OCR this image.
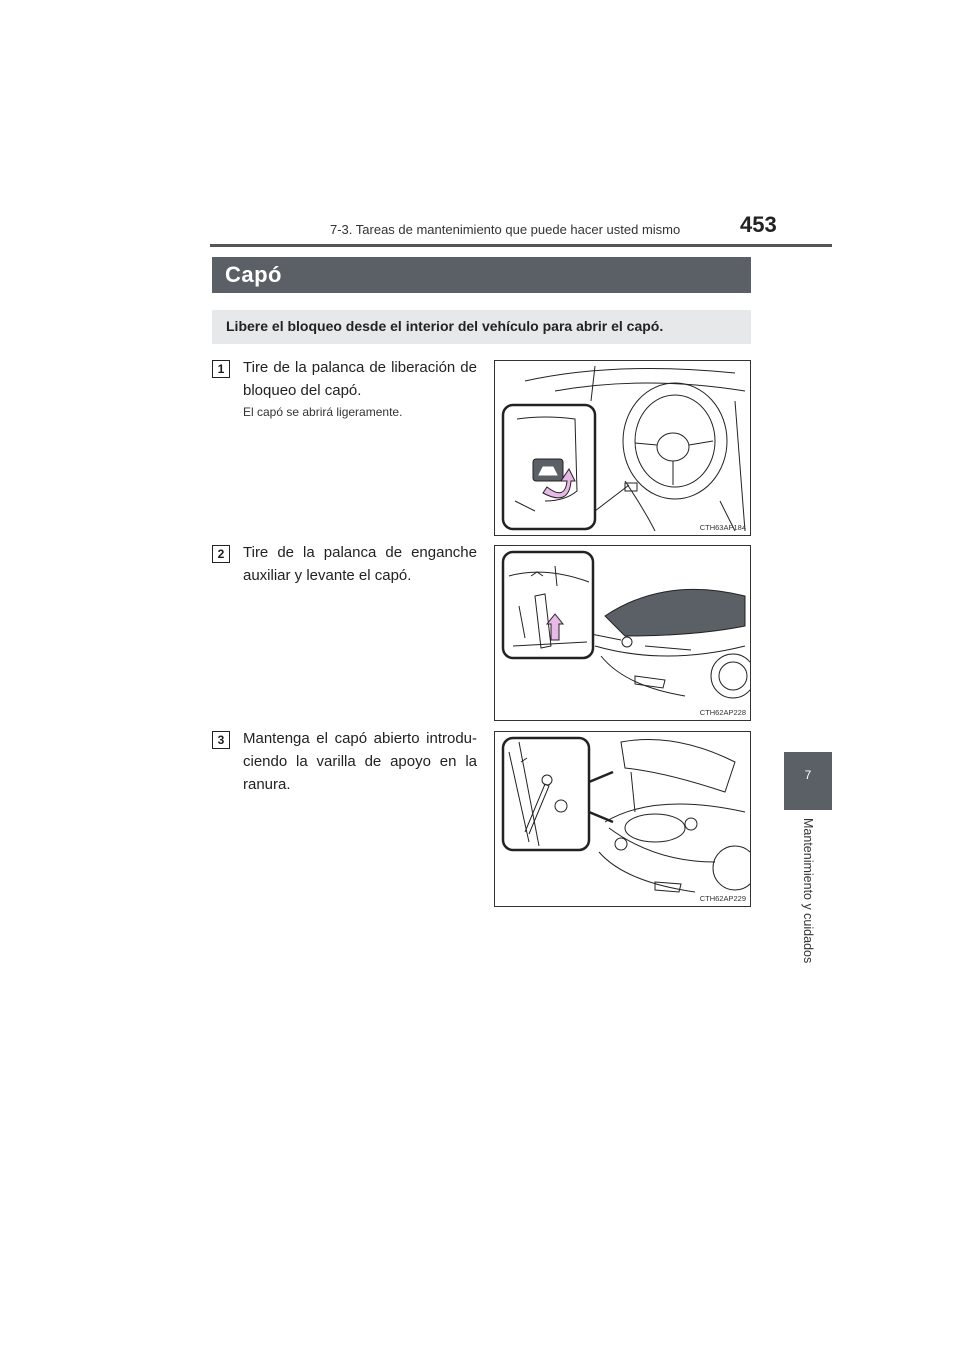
7-3. Tareas de mantenimiento que puede hacer usted mismo	453
7
Mantenimiento y cuidados
Capó
Libere el bloqueo desde el interior del vehículo para abrir el capó.
1	Tire de la palanca de liberación de bloqueo del capó.
El capó se abrirá ligeramente.
CTH63AP184
2	Tire de la palanca de enganche auxiliar y levante el capó.
CTH62AP228
3	Mantenga el capó abierto introdu-ciendo la varilla de apoyo en la ranura.
CTH62AP229
